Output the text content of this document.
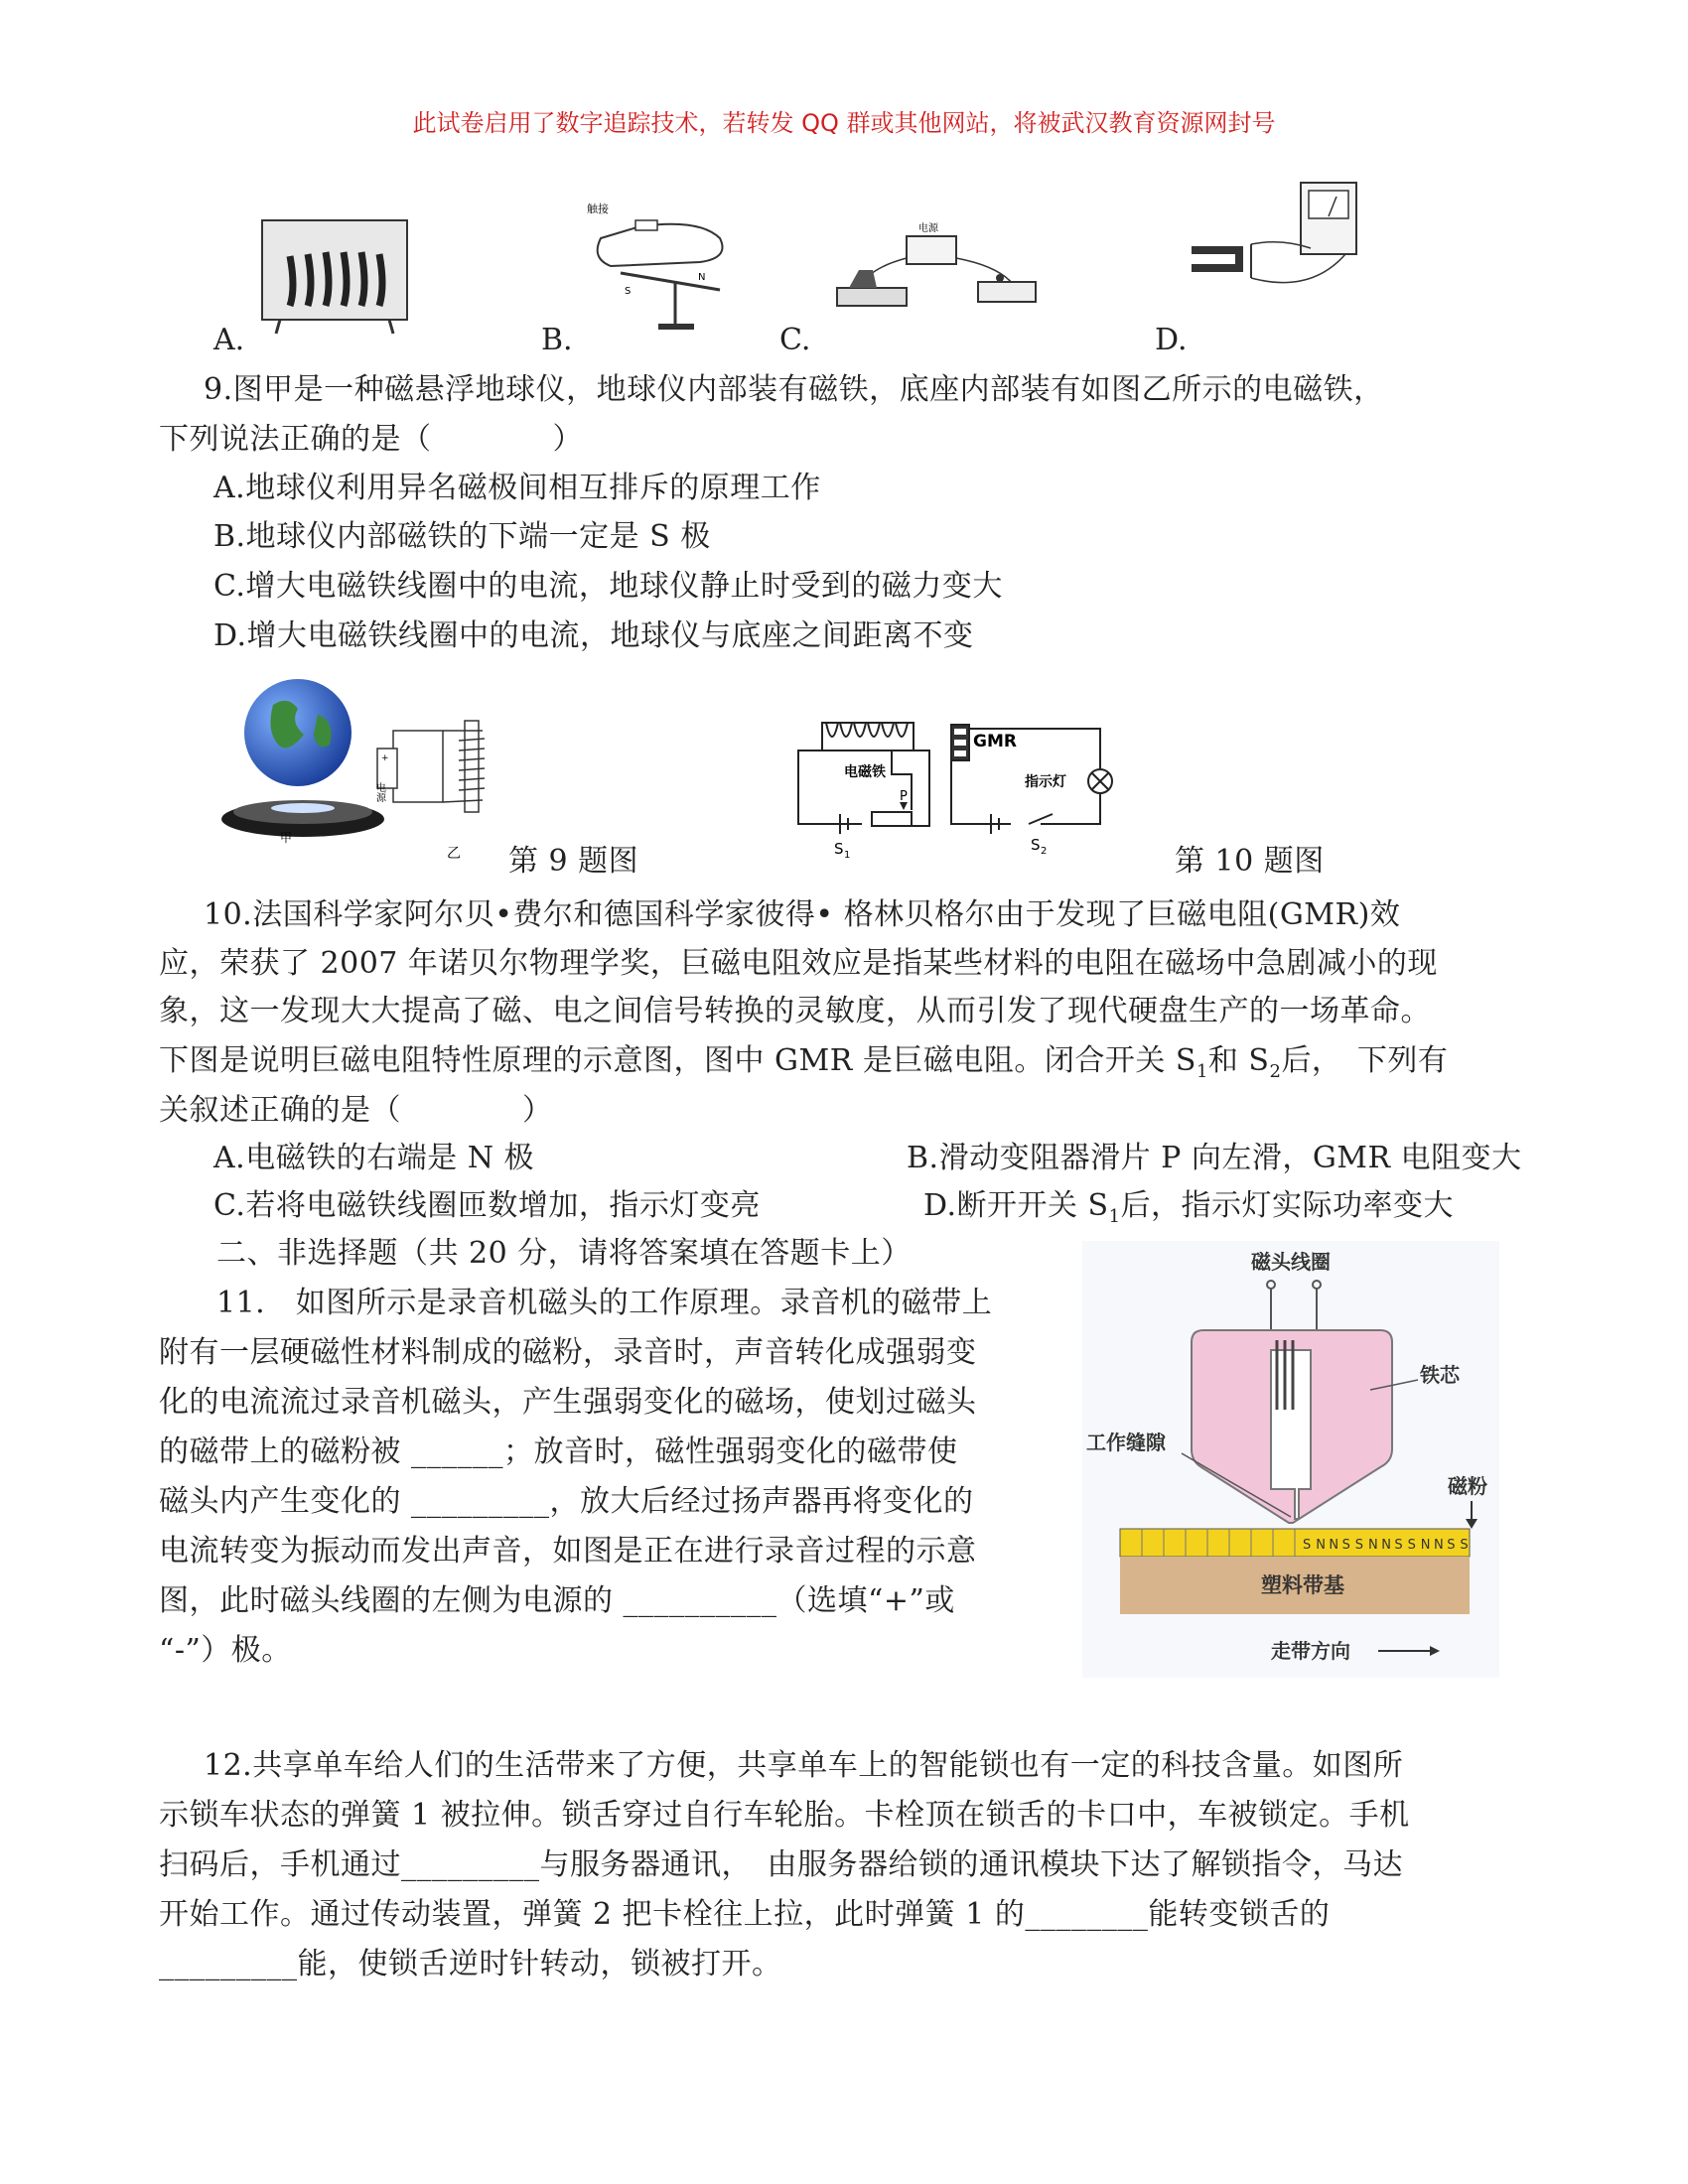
此试卷启用了数字追踪技术，若转发 QQ 群或其他网站，将被武汉教育资源网封号
A.
触接
S
N
B.
电源
C.	D.
9.图甲是一种磁悬浮地球仪，地球仪内部装有磁铁，底座内部装有如图乙所示的电磁铁，
下列说法正确的是（　　　　）
A.地球仪利用异名磁极间相互排斥的原理工作
B.地球仪内部磁铁的下端一定是 S 极
C.增大电磁铁线圈中的电流，地球仪静止时受到的磁力变大
D.增大电磁铁线圈中的电流，地球仪与底座之间距离不变
甲
+
电源
乙
GMR
电磁铁
指示灯
P
S 1
S 2
第 9 题图	第 10 题图
10.法国科学家阿尔贝•费尔和德国科学家彼得• 格林贝格尔由于发现了巨磁电阻(GMR)效
应，荣获了 2007 年诺贝尔物理学奖，巨磁电阻效应是指某些材料的电阻在磁场中急剧减小的现
象，这一发现大大提高了磁、电之间信号转换的灵敏度，从而引发了现代硬盘生产的一场革命。
下图是说明巨磁电阻特性原理的示意图，图中 GMR 是巨磁电阻。闭合开关 $S_1$和 $S_2$后，　下列有
关叙述正确的是（　　　　）
A.电磁铁的右端是 N 极	B.滑动变阻器滑片 P 向左滑，GMR 电阻变大
C.若将电磁铁线圈匝数增加，指示灯变亮	D.断开开关 $S_1$后，指示灯实际功率变大
二、非选择题（共 20 分，请将答案填在答题卡上）
11.　如图所示是录音机磁头的工作原理。录音机的磁带上
附有一层硬磁性材料制成的磁粉，录音时，声音转化成强弱变
化的电流流过录音机磁头，产生强弱变化的磁场，使划过磁头
的磁带上的磁粉被 ______；放音时，磁性强弱变化的磁带使
磁头内产生变化的 _________，放大后经过扬声器再将变化的
电流转变为振动而发出声音，如图是正在进行录音过程的示意
图，此时磁头线圈的左侧为电源的 __________（选填“+”或
“-”）极。
磁头线圈
铁芯
工作缝隙
磁粉
塑料带基
走带方向
S N N S S N N S S N N S S
12.共享单车给人们的生活带来了方便，共享单车上的智能锁也有一定的科技含量。如图所
示锁车状态的弹簧 1 被拉伸。锁舌穿过自行车轮胎。卡栓顶在锁舌的卡口中，车被锁定。手机
扫码后，手机通过_________与服务器通讯，　由服务器给锁的通讯模块下达了解锁指令，马达
开始工作。通过传动装置，弹簧 2 把卡栓往上拉，此时弹簧 1 的________能转变锁舌的
_________能，使锁舌逆时针转动，锁被打开。
